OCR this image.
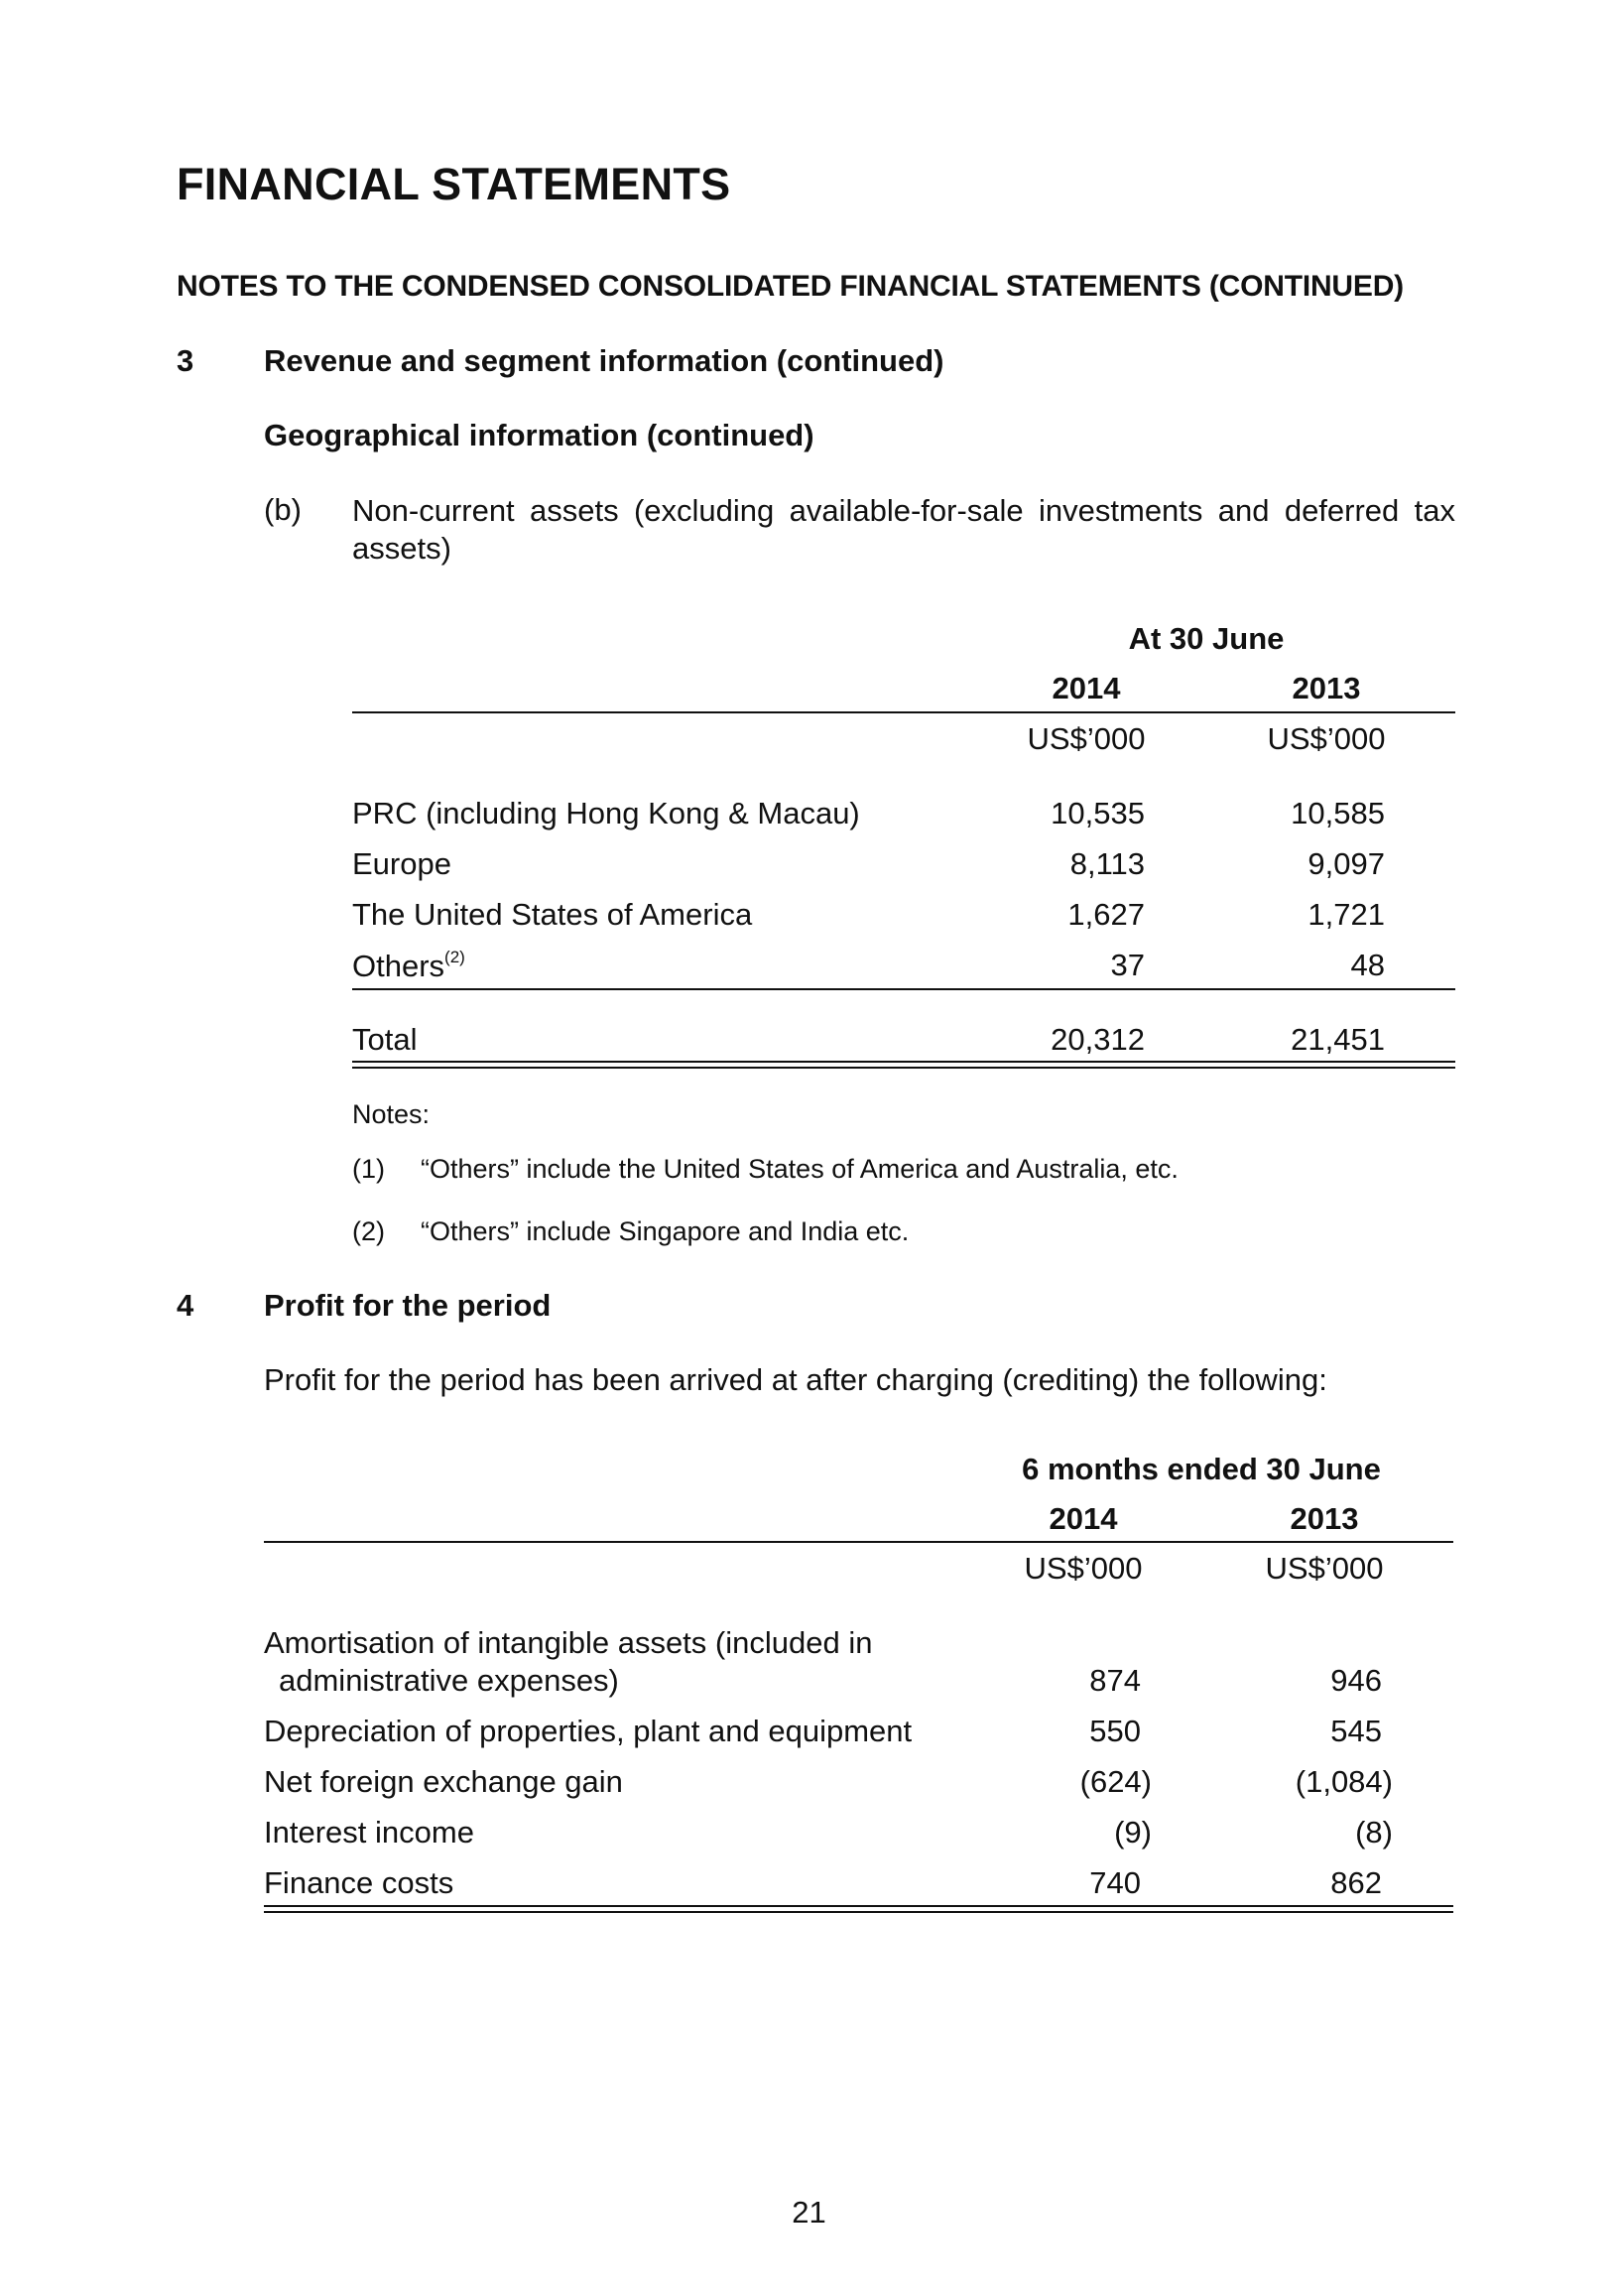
FINANCIAL STATEMENTS
NOTES TO THE CONDENSED CONSOLIDATED FINANCIAL STATEMENTS (CONTINUED)
3 Revenue and segment information (continued)
Geographical information (continued)
(b) Non-current assets (excluding available-for-sale investments and deferred tax assets)
At 30 June
2014	2013
US$’000	US$’000
PRC (including Hong Kong & Macau)	10,535	10,585
Europe	8,113	9,097
The United States of America	1,627	1,721
Others$^{(2)}$	37	48
Total	20,312	21,451
Notes:
(1) “Others” include the United States of America and Australia, etc.
(2) “Others” include Singapore and India etc.
4 Profit for the period
Profit for the period has been arrived at after charging (crediting) the following:
6 months ended 30 June
2014	2013
US$’000	US$’000
Amortisation of intangible assets (included in
administrative expenses)	874	946
Depreciation of properties, plant and equipment	550	545
Net foreign exchange gain	(624)	(1,084)
Interest income	(9)	(8)
Finance costs	740	862
21
